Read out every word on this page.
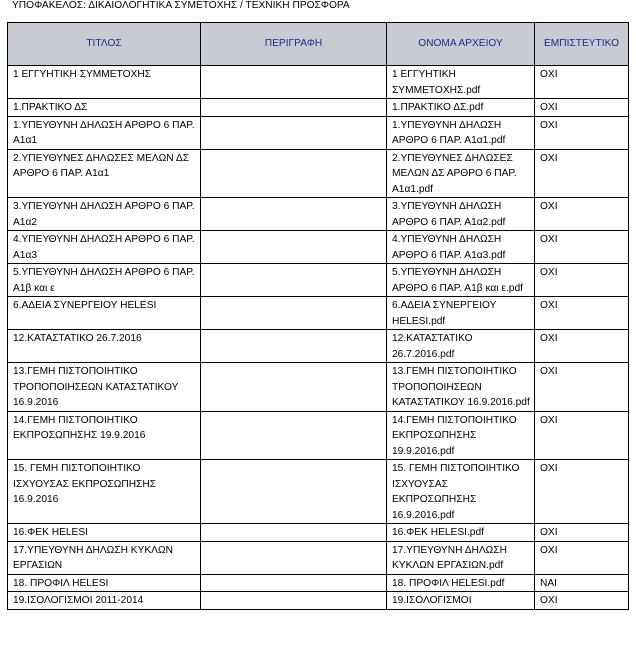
ΥΠΟΦΑΚΕΛΟΣ: ΔΙΚΑΙΟΛΟΓΗΤΙΚΑ ΣΥΜΕΤΟΧΗΣ / ΤΕΧΝΙΚΗ ΠΡΟΣΦΟΡΑ
ΤΙΤΛΟΣ	ΠΕΡΙΓΡΑΦΗ	ΟΝΟΜΑ ΑΡΧΕΙΟΥ	ΕΜΠΙΣΤΕΥΤΙΚΟ
1 ΕΓΓΥΗΤΙΚΗ ΣΥΜΜΕΤΟΧΗΣ		1 ΕΓΓΥΗΤΙΚΗ ΣΥΜΜΕΤΟΧΗΣ.pdf	ΟΧΙ
1.ΠΡΑΚΤΙΚΟ ΔΣ		1.ΠΡΑΚΤΙΚΟ ΔΣ.pdf	ΟΧΙ
1.ΥΠΕΥΘΥΝΗ ΔΗΛΩΣΗ ΑΡΘΡΟ 6 ΠΑΡ. Α1α1		1.ΥΠΕΥΘΥΝΗ ΔΗΛΩΣΗ ΑΡΘΡΟ 6 ΠΑΡ. Α1α1.pdf	ΟΧΙ
2.ΥΠΕΥΘΥΝΕΣ ΔΗΛΩΣΕΣ ΜΕΛΩΝ ΔΣ ΑΡΘΡΟ 6 ΠΑΡ. Α1α1		2.ΥΠΕΥΘΥΝΕΣ ΔΗΛΩΣΕΣ ΜΕΛΩΝ ΔΣ ΑΡΘΡΟ 6 ΠΑΡ. Α1α1.pdf	ΟΧΙ
3.ΥΠΕΥΘΥΝΗ ΔΗΛΩΣΗ ΑΡΘΡΟ 6 ΠΑΡ. Α1α2		3.ΥΠΕΥΘΥΝΗ ΔΗΛΩΣΗ ΑΡΘΡΟ 6 ΠΑΡ. Α1α2.pdf	ΟΧΙ
4.ΥΠΕΥΘΥΝΗ ΔΗΛΩΣΗ ΑΡΘΡΟ 6 ΠΑΡ. Α1α3		4.ΥΠΕΥΘΥΝΗ ΔΗΛΩΣΗ ΑΡΘΡΟ 6 ΠΑΡ. Α1α3.pdf	ΟΧΙ
5.ΥΠΕΥΘΥΝΗ ΔΗΛΩΣΗ ΑΡΘΡΟ 6 ΠΑΡ. Α1β και ε		5.ΥΠΕΥΘΥΝΗ ΔΗΛΩΣΗ ΑΡΘΡΟ 6 ΠΑΡ. Α1β και ε.pdf	ΟΧΙ
6.ΑΔΕΙΑ ΣΥΝΕΡΓΕΙΟΥ HELESI		6.ΑΔΕΙΑ ΣΥΝΕΡΓΕΙΟΥ HELESI.pdf	ΟΧΙ
12.ΚΑΤΑΣΤΑΤΙΚΟ 26.7.2016		12.ΚΑΤΑΣΤΑΤΙΚΟ 26.7.2016.pdf	ΟΧΙ
13.ΓΕΜΗ ΠΙΣΤΟΠΟΙΗΤΙΚΟ ΤΡΟΠΟΠΟΙΗΣΕΩΝ ΚΑΤΑΣΤΑΤΙΚΟΥ 16.9.2016		13.ΓΕΜΗ ΠΙΣΤΟΠΟΙΗΤΙΚΟ ΤΡΟΠΟΠΟΙΗΣΕΩΝ ΚΑΤΑΣΤΑΤΙΚΟΥ 16.9.2016.pdf	ΟΧΙ
14.ΓΕΜΗ ΠΙΣΤΟΠΟΙΗΤΙΚΟ ΕΚΠΡΟΣΩΠΗΣΗΣ 19.9.2016		14.ΓΕΜΗ ΠΙΣΤΟΠΟΙΗΤΙΚΟ ΕΚΠΡΟΣΩΠΗΣΗΣ 19.9.2016.pdf	ΟΧΙ
15. ΓΕΜΗ ΠΙΣΤΟΠΟΙΗΤΙΚΟ ΙΣΧΥΟΥΣΑΣ ΕΚΠΡΟΣΩΠΗΣΗΣ 16.9.2016		15. ΓΕΜΗ ΠΙΣΤΟΠΟΙΗΤΙΚΟ ΙΣΧΥΟΥΣΑΣ ΕΚΠΡΟΣΩΠΗΣΗΣ 16.9.2016.pdf	ΟΧΙ
16.ΦΕΚ HELESI		16.ΦΕΚ HELESI.pdf	ΟΧΙ
17.ΥΠΕΥΘΥΝΗ ΔΗΛΩΣΗ ΚΥΚΛΩΝ ΕΡΓΑΣΙΩΝ		17.ΥΠΕΥΘΥΝΗ ΔΗΛΩΣΗ ΚΥΚΛΩΝ ΕΡΓΑΣΙΩΝ.pdf	ΟΧΙ
18. ΠΡΟΦΙΛ HELESI		18. ΠΡΟΦΙΛ HELESI.pdf	ΝΑΙ
19.ΙΣΟΛΟΓΙΣΜΟΙ 2011-2014		19.ΙΣΟΛΟΓΙΣΜΟΙ	ΟΧΙ
